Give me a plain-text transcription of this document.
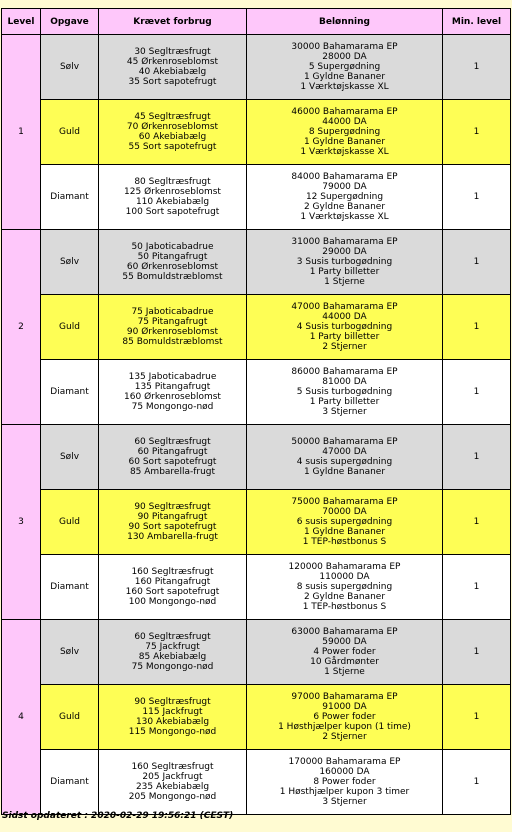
Level	Opgave	Krævet forbrug	Belønning	Min. level
1	Sølv	30 Segltræsfrugt
45 Ørkenroseblomst
40 Akebiabælg
35 Sort sapotefrugt	30000 Bahamarama EP
28000 DA
5 Supergødning
1 Gyldne Bananer
1 Værktøjskasse XL	1
	Guld	45 Segltræsfrugt
70 Ørkenroseblomst
60 Akebiabælg
55 Sort sapotefrugt	46000 Bahamarama EP
44000 DA
8 Supergødning
1 Gyldne Bananer
1 Værktøjskasse XL	1
	Diamant	80 Segltræsfrugt
125 Ørkenroseblomst
110 Akebiabælg
100 Sort sapotefrugt	84000 Bahamarama EP
79000 DA
12 Supergødning
2 Gyldne Bananer
1 Værktøjskasse XL	1
2	Sølv	50 Jaboticabadrue
50 Pitangafrugt
60 Ørkenroseblomst
55 Bomuldstræblomst	31000 Bahamarama EP
29000 DA
3 Susis turbogødning
1 Party billetter
1 Stjerne	1
	Guld	75 Jaboticabadrue
75 Pitangafrugt
90 Ørkenroseblomst
85 Bomuldstræblomst	47000 Bahamarama EP
44000 DA
4 Susis turbogødning
1 Party billetter
2 Stjerner	1
	Diamant	135 Jaboticabadrue
135 Pitangafrugt
160 Ørkenroseblomst
75 Mongongo-nød	86000 Bahamarama EP
81000 DA
5 Susis turbogødning
1 Party billetter
3 Stjerner	1
3	Sølv	60 Segltræsfrugt
60 Pitangafrugt
60 Sort sapotefrugt
85 Ambarella-frugt	50000 Bahamarama EP
47000 DA
4 susis supergødning
1 Gyldne Bananer	1
	Guld	90 Segltræsfrugt
90 Pitangafrugt
90 Sort sapotefrugt
130 Ambarella-frugt	75000 Bahamarama EP
70000 DA
6 susis supergødning
1 Gyldne Bananer
1 TEP-høstbonus S	1
	Diamant	160 Segltræsfrugt
160 Pitangafrugt
160 Sort sapotefrugt
100 Mongongo-nød	120000 Bahamarama EP
110000 DA
8 susis supergødning
2 Gyldne Bananer
1 TEP-høstbonus S	1
4	Sølv	60 Segltræsfrugt
75 Jackfrugt
85 Akebiabælg
75 Mongongo-nød	63000 Bahamarama EP
59000 DA
4 Power foder
10 Gårdmønter
1 Stjerne	1
	Guld	90 Segltræsfrugt
115 Jackfrugt
130 Akebiabælg
115 Mongongo-nød	97000 Bahamarama EP
91000 DA
6 Power foder
1 Høsthjælper kupon (1 time)
2 Stjerner	1
	Diamant	160 Segltræsfrugt
205 Jackfrugt
235 Akebiabælg
205 Mongongo-nød	170000 Bahamarama EP
160000 DA
8 Power foder
1 Høsthjælper kupon 3 timer
3 Stjerner	1
Sidst opdateret : 2020-02-29 19:56:21 (CEST)
